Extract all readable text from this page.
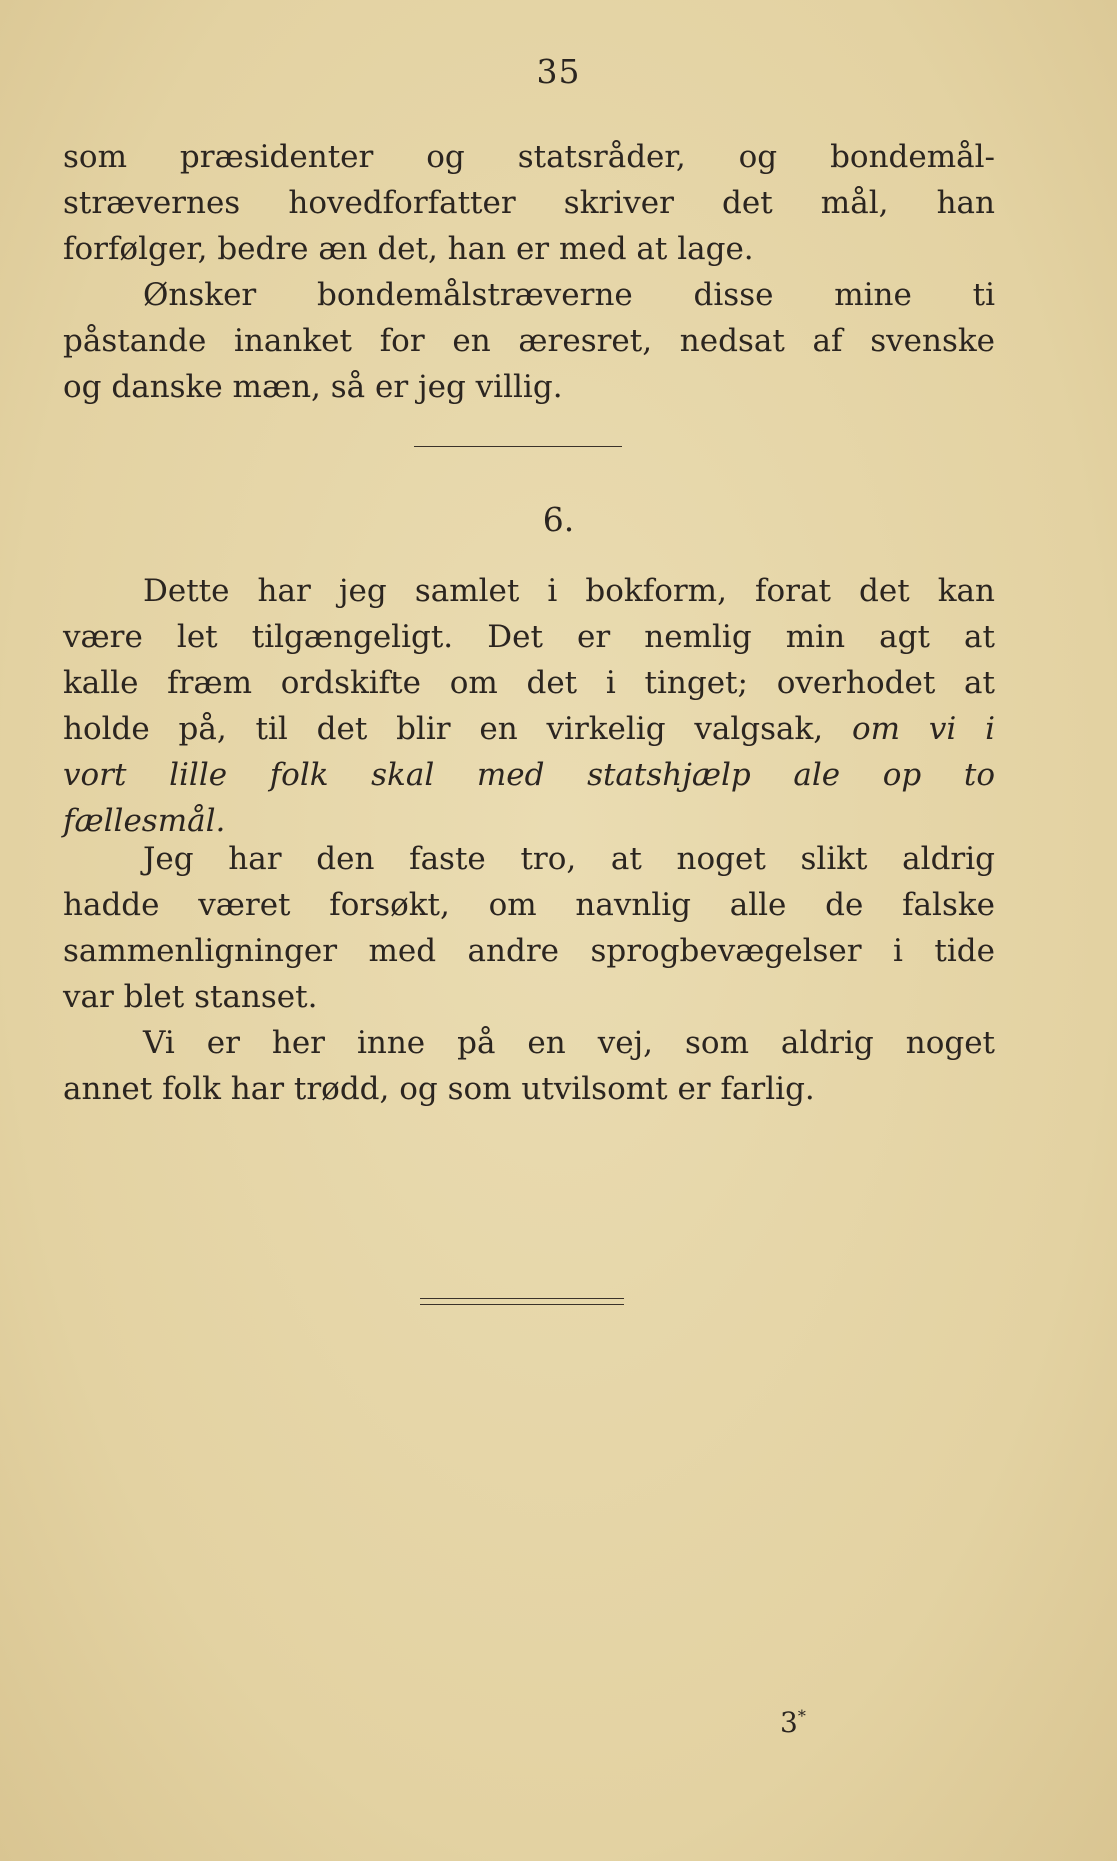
35
som præsidenter og statsråder, og bondemål-
strævernes hovedforfatter skriver det mål, han
forfølger, bedre æn det, han er med at lage.
Ønsker bondemålstræverne disse mine ti
påstande inanket for en æresret, nedsat af svenske
og danske mæn, så er jeg villig.
6.
Dette har jeg samlet i bokform, forat det kan
være let tilgængeligt. Det er nemlig min agt at
kalle fræm ordskifte om det i tinget; overhodet at
holde på, til det blir en virkelig valgsak, om vi i
vort lille folk skal med statshjælp ale op to
fællesmål.
Jeg har den faste tro, at noget slikt aldrig
hadde været forsøkt, om navnlig alle de falske
sammenligninger med andre sprogbevægelser i tide
var blet stanset.
Vi er her inne på en vej, som aldrig noget
annet folk har trødd, og som utvilsomt er farlig.
3*
